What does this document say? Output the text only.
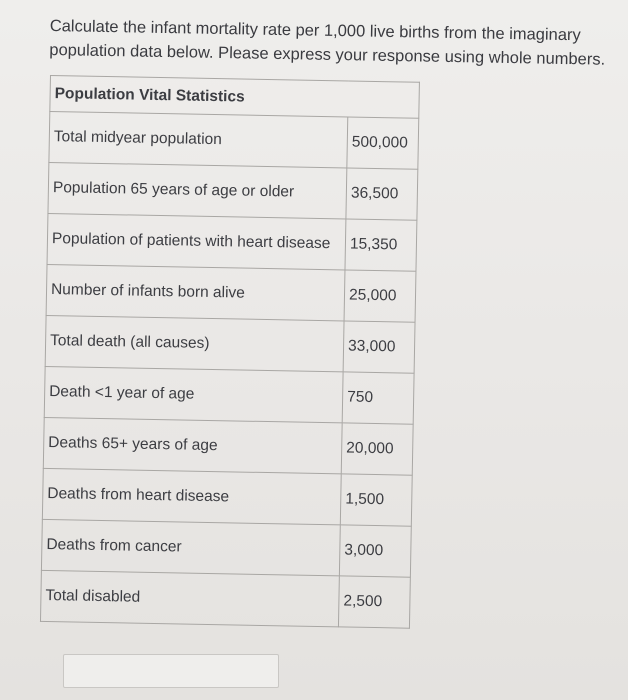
Calculate the infant mortality rate per 1,000 live births from the imaginary population data below. Please express your response using whole numbers.
Population Vital Statistics	
Total midyear population	500,000
Population 65 years of age or older	36,500
Population of patients with heart disease	15,350
Number of infants born alive	25,000
Total death (all causes)	33,000
Death <1 year of age	750
Deaths 65+ years of age	20,000
Deaths from heart disease	1,500
Deaths from cancer	3,000
Total disabled	2,500
